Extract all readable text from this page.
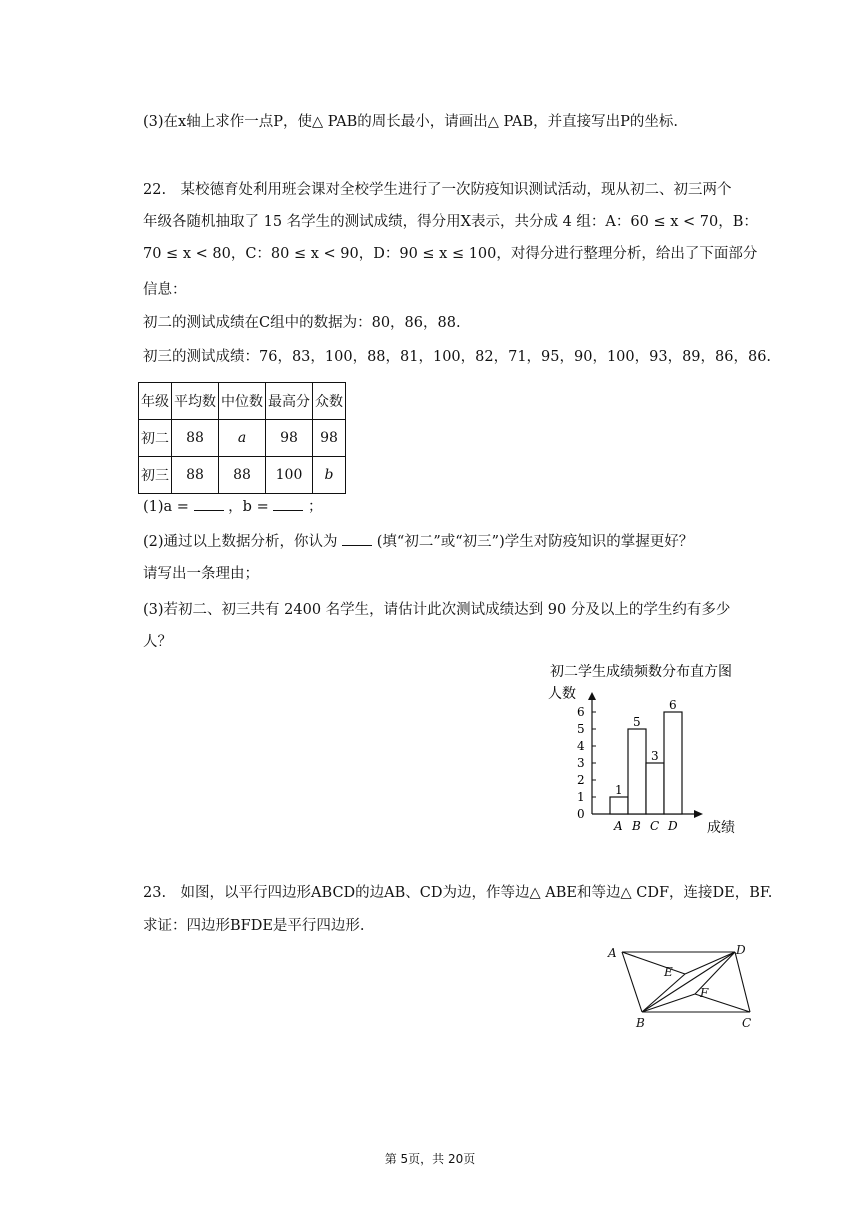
(3)在x轴上求作一点P，使△ PAB的周长最小，请画出△ PAB，并直接写出P的坐标.
22.　某校德育处利用班会课对全校学生进行了一次防疫知识测试活动，现从初二、初三两个
年级各随机抽取了 15 名学生的测试成绩，得分用X表示，共分成 4 组：A：60 ≤ x < 70，B：
70 ≤ x < 80，C：80 ≤ x < 90，D：90 ≤ x ≤ 100，对得分进行整理分析，给出了下面部分
信息：
初二的测试成绩在C组中的数据为：80，86，88.
初三的测试成绩：76，83，100，88，81，100，82，71，95，90，100，93，89，86，86.
年级	平均数	中位数	最高分	众数
初二	88	a	98	98
初三	88	88	100	b
(1)a =  ，b =  ；
(2)通过以上数据分析，你认为  (填“初二”或“初三”)学生对防疫知识的掌握更好？
请写出一条理由；
(3)若初二、初三共有 2400 名学生，请估计此次测试成绩达到 90 分及以上的学生约有多少
人？
初二学生成绩频数分布直方图
人数
成绩
0
1
2
3
4
5
6
1
A
5
B
3
C
6
D
23.　如图，以平行四边形ABCD的边AB、CD为边，作等边△ ABE和等边△ CDF，连接DE，BF.
求证：四边形BFDE是平行四边形.
A	D
B	C
E
F
第 5页，共 20页
